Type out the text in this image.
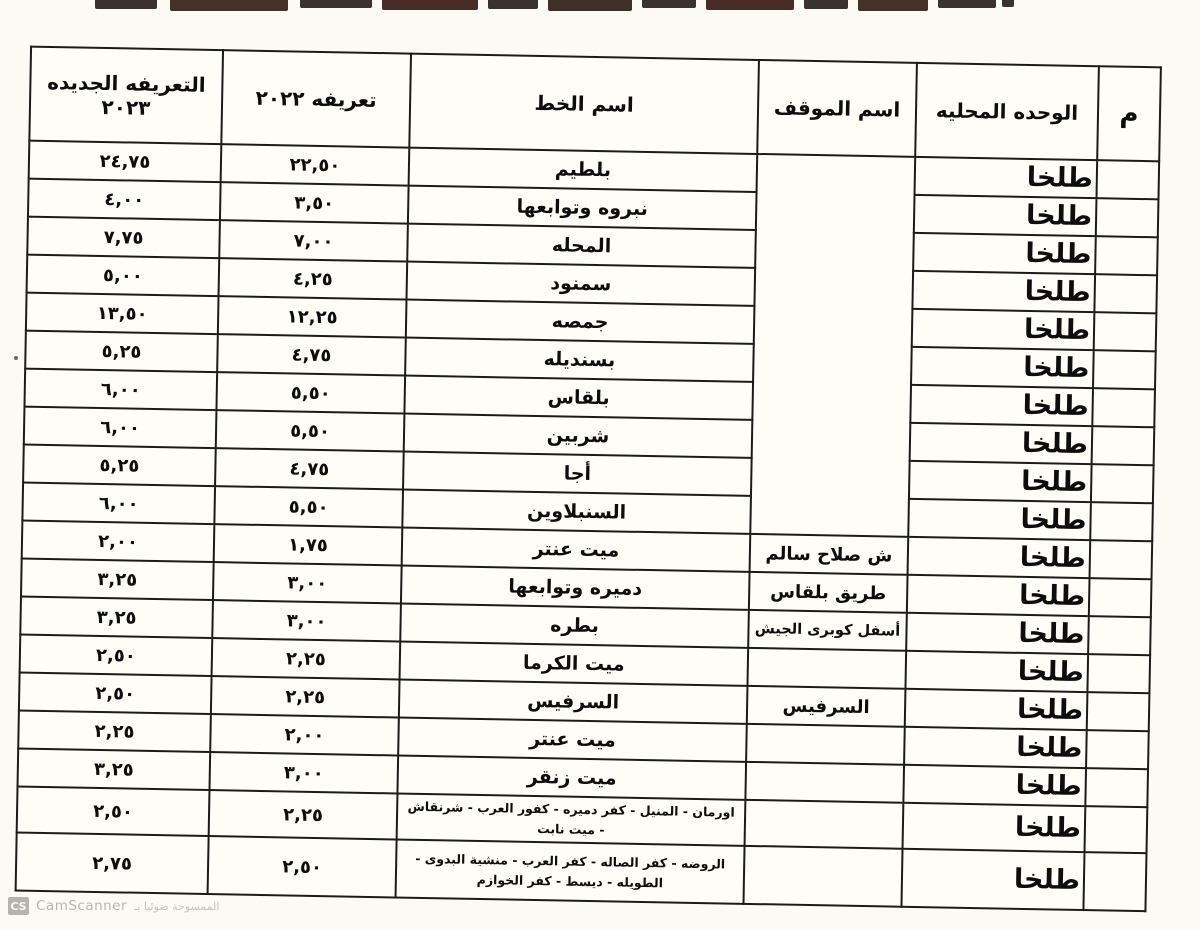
م	الوحده المحليه	اسم الموقف	اسم الخط	تعريفه ٢٠٢٢	التعريفه الجديده ٢٠٢٣
	طلخا		بلطيم	٢٢,٥٠	٢٤,٧٥
	طلخا		نبروه وتوابعها	٣,٥٠	٤,٠٠
	طلخا		المحله	٧,٠٠	٧,٧٥
	طلخا		سمنود	٤,٢٥	٥,٠٠
	طلخا		جمصه	١٢,٢٥	١٣,٥٠
	طلخا		بسنديله	٤,٧٥	٥,٢٥
	طلخا		بلقاس	٥,٥٠	٦,٠٠
	طلخا		شربين	٥,٥٠	٦,٠٠
	طلخا		أجا	٤,٧٥	٥,٢٥
	طلخا		السنبلاوين	٥,٥٠	٦,٠٠
	طلخا	ش صلاح سالم	ميت عنتر	١,٧٥	٢,٠٠
	طلخا	طريق بلقاس	دميره وتوابعها	٣,٠٠	٣,٢٥
	طلخا	أسفل كوبرى الجيش	بطره	٣,٠٠	٣,٢٥
	طلخا		ميت الكرما	٢,٢٥	٢,٥٠
	طلخا	السرفيس	السرفيس	٢,٢٥	٢,٥٠
	طلخا		ميت عنتر	٢,٠٠	٢,٢٥
	طلخا		ميت زنقر	٣,٠٠	٣,٢٥
	طلخا		اورمان - المنيل - كفر دميره - كفور العرب - شرنقاش - ميت نابت	٢,٢٥	٢,٥٠
	طلخا		الروضه - كفر الصاله - كفر العرب - منشية البدوى - الطويله - ديسط - كفر الخوازم	٢,٥٠	٢,٧٥
CS CamScanner الممسوحة ضوئيا بـ
